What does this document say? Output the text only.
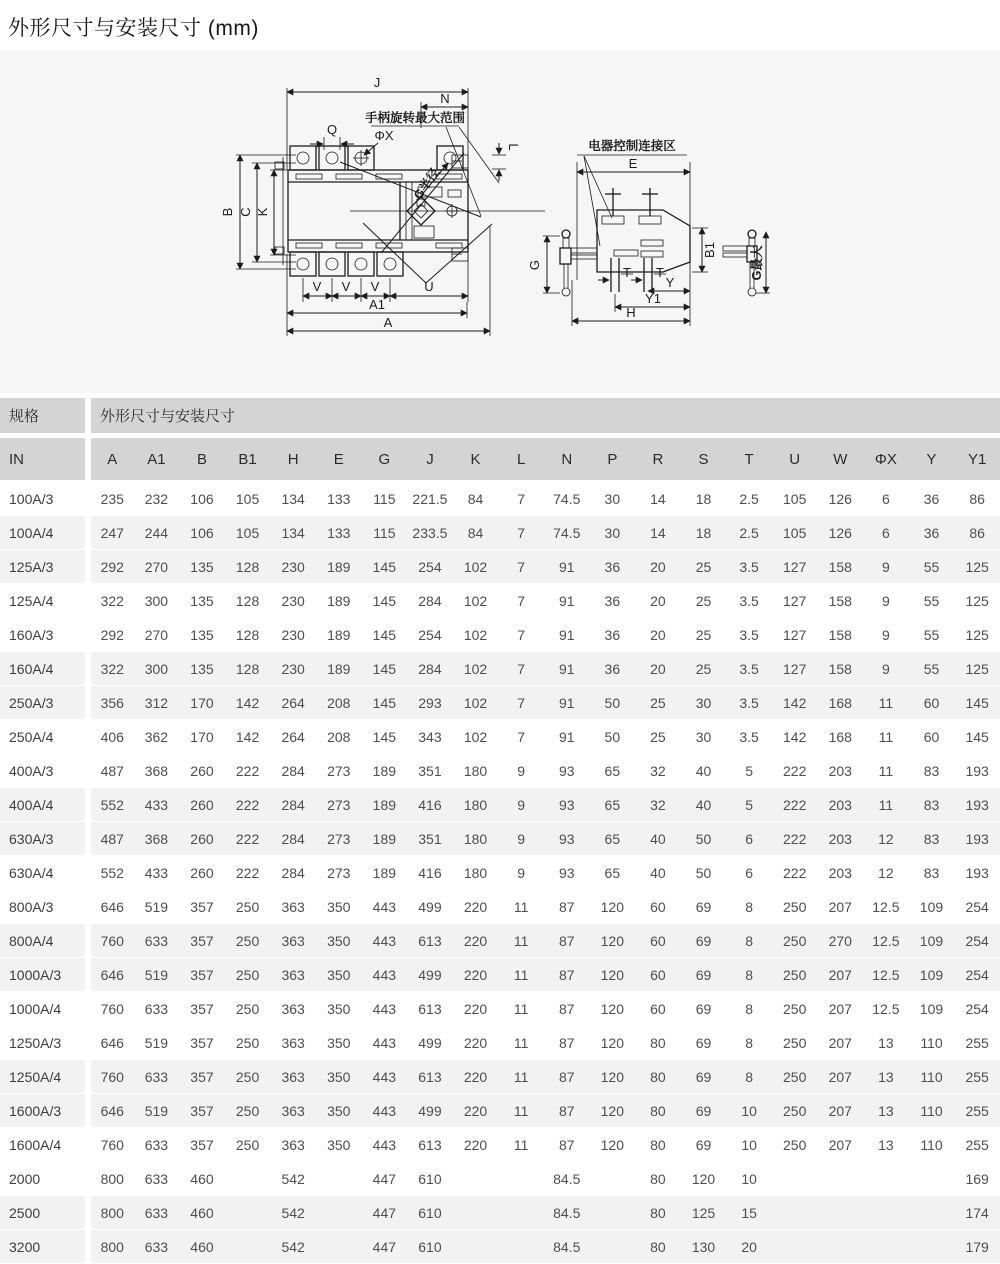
外形尺寸与安装尺寸 (mm)
J
N
手柄旋转最大范围
Q	ΦX
L
B C K
G半径
V V V	U
A1
A
电器控制连接区
E
G	G最大
B1
T T
Y
Y1
H
规格	外形尺寸与安装尺寸																			
IN	A	A1	B	B1	H	E	G	J	K	L	N	P	R	S	T	U	W	ΦX	Y	Y1
100A/3	235	232	106	105	134	133	115	221.5	84	7	74.5	30	14	18	2.5	105	126	6	36	86
100A/4	247	244	106	105	134	133	115	233.5	84	7	74.5	30	14	18	2.5	105	126	6	36	86
125A/3	292	270	135	128	230	189	145	254	102	7	91	36	20	25	3.5	127	158	9	55	125
125A/4	322	300	135	128	230	189	145	284	102	7	91	36	20	25	3.5	127	158	9	55	125
160A/3	292	270	135	128	230	189	145	254	102	7	91	36	20	25	3.5	127	158	9	55	125
160A/4	322	300	135	128	230	189	145	284	102	7	91	36	20	25	3.5	127	158	9	55	125
250A/3	356	312	170	142	264	208	145	293	102	7	91	50	25	30	3.5	142	168	11	60	145
250A/4	406	362	170	142	264	208	145	343	102	7	91	50	25	30	3.5	142	168	11	60	145
400A/3	487	368	260	222	284	273	189	351	180	9	93	65	32	40	5	222	203	11	83	193
400A/4	552	433	260	222	284	273	189	416	180	9	93	65	32	40	5	222	203	11	83	193
630A/3	487	368	260	222	284	273	189	351	180	9	93	65	40	50	6	222	203	12	83	193
630A/4	552	433	260	222	284	273	189	416	180	9	93	65	40	50	6	222	203	12	83	193
800A/3	646	519	357	250	363	350	443	499	220	11	87	120	60	69	8	250	207	12.5	109	254
800A/4	760	633	357	250	363	350	443	613	220	11	87	120	60	69	8	250	270	12.5	109	254
1000A/3	646	519	357	250	363	350	443	499	220	11	87	120	60	69	8	250	207	12.5	109	254
1000A/4	760	633	357	250	363	350	443	613	220	11	87	120	60	69	8	250	207	12.5	109	254
1250A/3	646	519	357	250	363	350	443	499	220	11	87	120	80	69	8	250	207	13	110	255
1250A/4	760	633	357	250	363	350	443	613	220	11	87	120	80	69	8	250	207	13	110	255
1600A/3	646	519	357	250	363	350	443	499	220	11	87	120	80	69	10	250	207	13	110	255
1600A/4	760	633	357	250	363	350	443	613	220	11	87	120	80	69	10	250	207	13	110	255
2000	800	633	460		542		447	610			84.5		80	120	10					169
2500	800	633	460		542		447	610			84.5		80	125	15					174
3200	800	633	460		542		447	610			84.5		80	130	20					179
